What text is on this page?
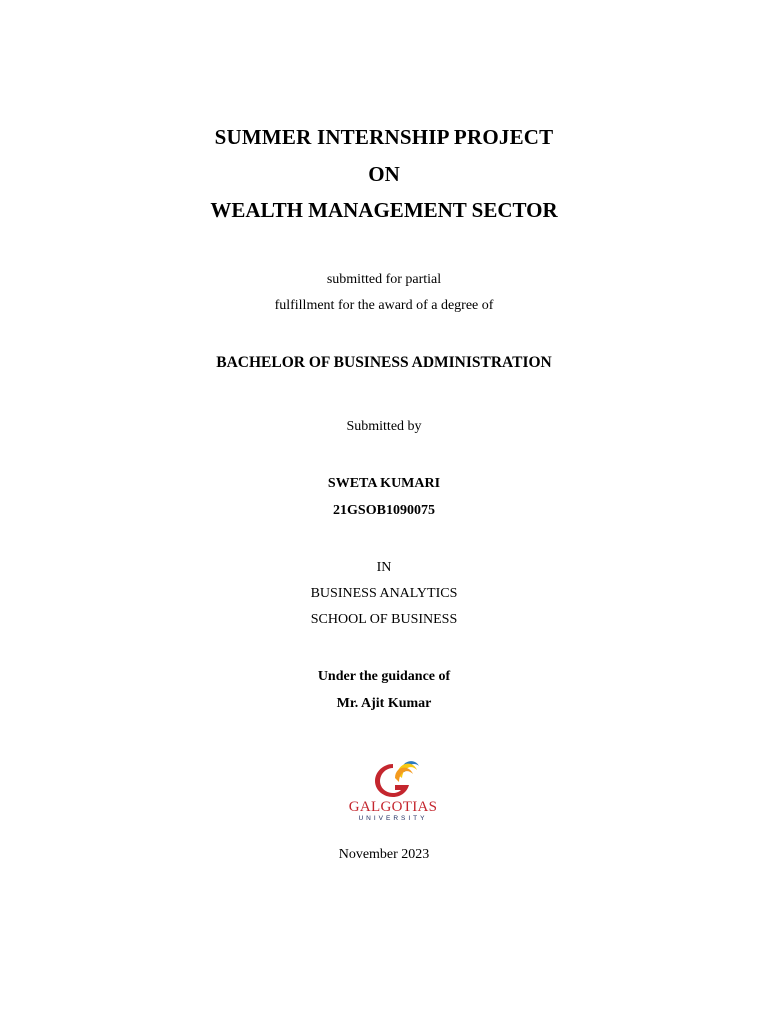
SUMMER INTERNSHIP PROJECT
ON
WEALTH MANAGEMENT SECTOR
submitted for partial
fulfillment for the award of a degree of
BACHELOR OF BUSINESS ADMINISTRATION
Submitted by
SWETA KUMARI
21GSOB1090075
IN
BUSINESS ANALYTICS
SCHOOL OF BUSINESS
Under the guidance of
Mr. Ajit Kumar
GALGOTIAS
UNIVERSITY
November 2023
